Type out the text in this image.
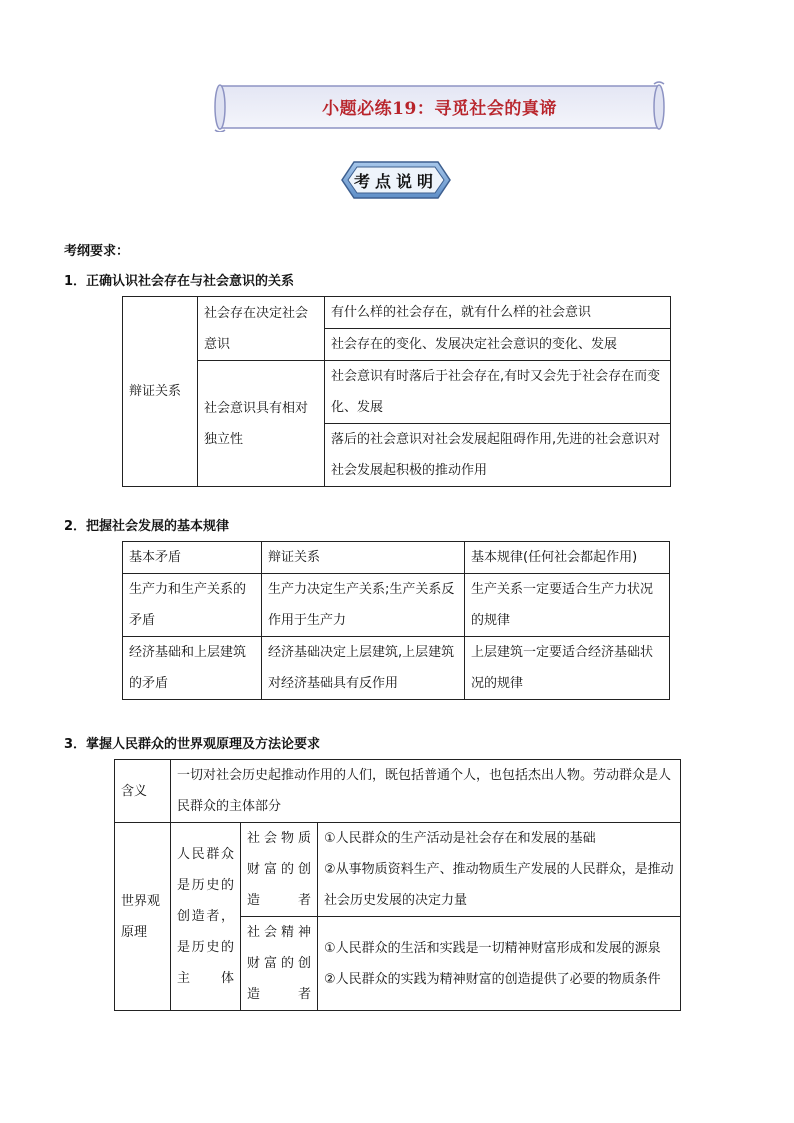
小题必练19：寻觅社会的真谛
考点说明
考纲要求：
1．正确认识社会存在与社会意识的关系
辩证关系	社会存在决定社会意识	有什么样的社会存在，就有什么样的社会意识
		社会存在的变化、发展决定社会意识的变化、发展
	社会意识具有相对独立性	社会意识有时落后于社会存在,有时又会先于社会存在而变化、发展
		落后的社会意识对社会发展起阻碍作用,先进的社会意识对社会发展起积极的推动作用
2．把握社会发展的基本规律
基本矛盾	辩证关系	基本规律(任何社会都起作用)
生产力和生产关系的矛盾	生产力决定生产关系;生产关系反作用于生产力	生产关系一定要适合生产力状况的规律
经济基础和上层建筑的矛盾	经济基础决定上层建筑,上层建筑对经济基础具有反作用	上层建筑一定要适合经济基础状况的规律
3．掌握人民群众的世界观原理及方法论要求
含义	一切对社会历史起推动作用的人们，既包括普通个人，也包括杰出人物。劳动群众是人民群众的主体部分		
世界观原理	人民群众是历史的创造者，是历史的主体	社会物质财富的创造者	①人民群众的生产活动是社会存在和发展的基础
②从事物质资料生产、推动物质生产发展的人民群众，是推动社会历史发展的决定力量

		社会精神财富的创造者	①人民群众的生活和实践是一切精神财富形成和发展的源泉
②人民群众的实践为精神财富的创造提供了必要的物质条件
